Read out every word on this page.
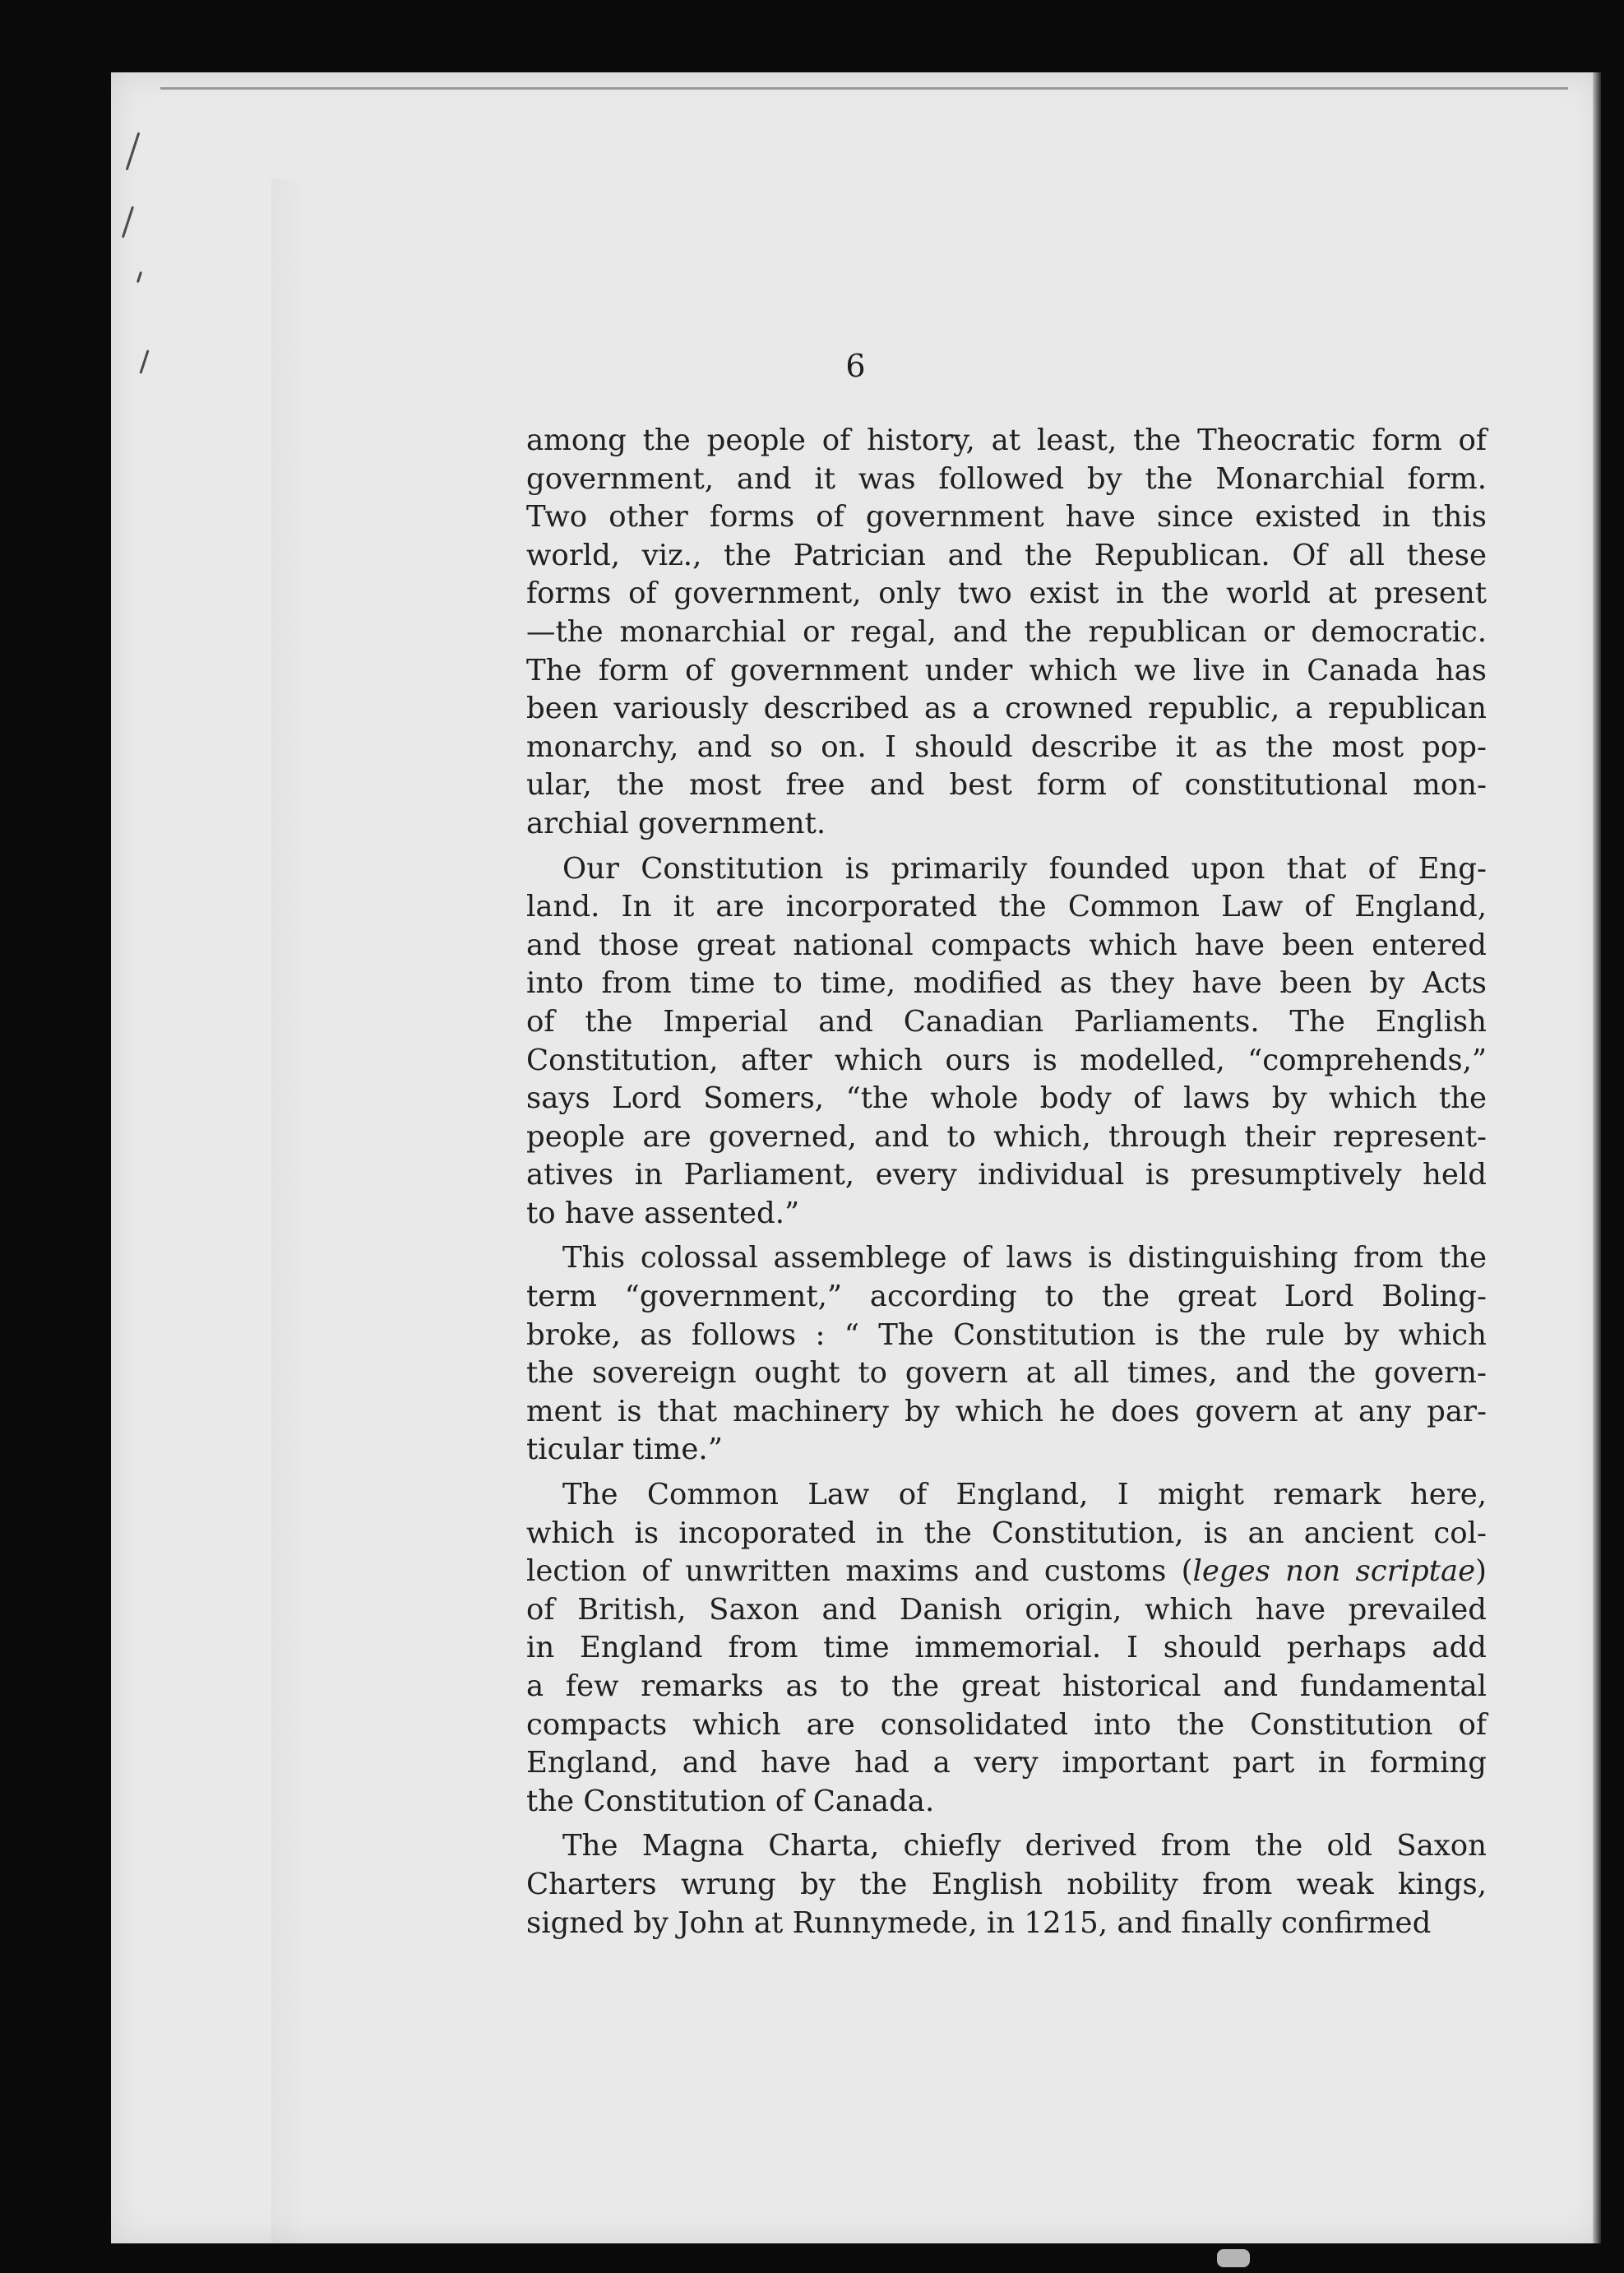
6
among the people of history, at least, the Theocratic form of
government, and it was followed by the Monarchial form.
Two other forms of government have since existed in this
world, viz., the Patrician and the Republican. Of all these
forms of government, only two exist in the world at present
—the monarchial or regal, and the republican or democratic.
The form of government under which we live in Canada has
been variously described as a crowned republic, a republican
monarchy, and so on. I should describe it as the most pop-
ular, the most free and best form of constitutional mon-
archial government.
Our Constitution is primarily founded upon that of Eng-
land. In it are incorporated the Common Law of England,
and those great national compacts which have been entered
into from time to time, modified as they have been by Acts
of the Imperial and Canadian Parliaments. The English
Constitution, after which ours is modelled, “comprehends,”
says Lord Somers, “the whole body of laws by which the
people are governed, and to which, through their represent-
atives in Parliament, every individual is presumptively held
to have assented.”
This colossal assemblege of laws is distinguishing from the
term “government,” according to the great Lord Boling-
broke, as follows : “ The Constitution is the rule by which
the sovereign ought to govern at all times, and the govern-
ment is that machinery by which he does govern at any par-
ticular time.”
The Common Law of England, I might remark here,
which is incoporated in the Constitution, is an ancient col-
lection of unwritten maxims and customs (leges non scriptae)
of British, Saxon and Danish origin, which have prevailed
in England from time immemorial. I should perhaps add
a few remarks as to the great historical and fundamental
compacts which are consolidated into the Constitution of
England, and have had a very important part in forming
the Constitution of Canada.
The Magna Charta, chiefly derived from the old Saxon
Charters wrung by the English nobility from weak kings,
signed by John at Runnymede, in 1215, and finally confirmed
